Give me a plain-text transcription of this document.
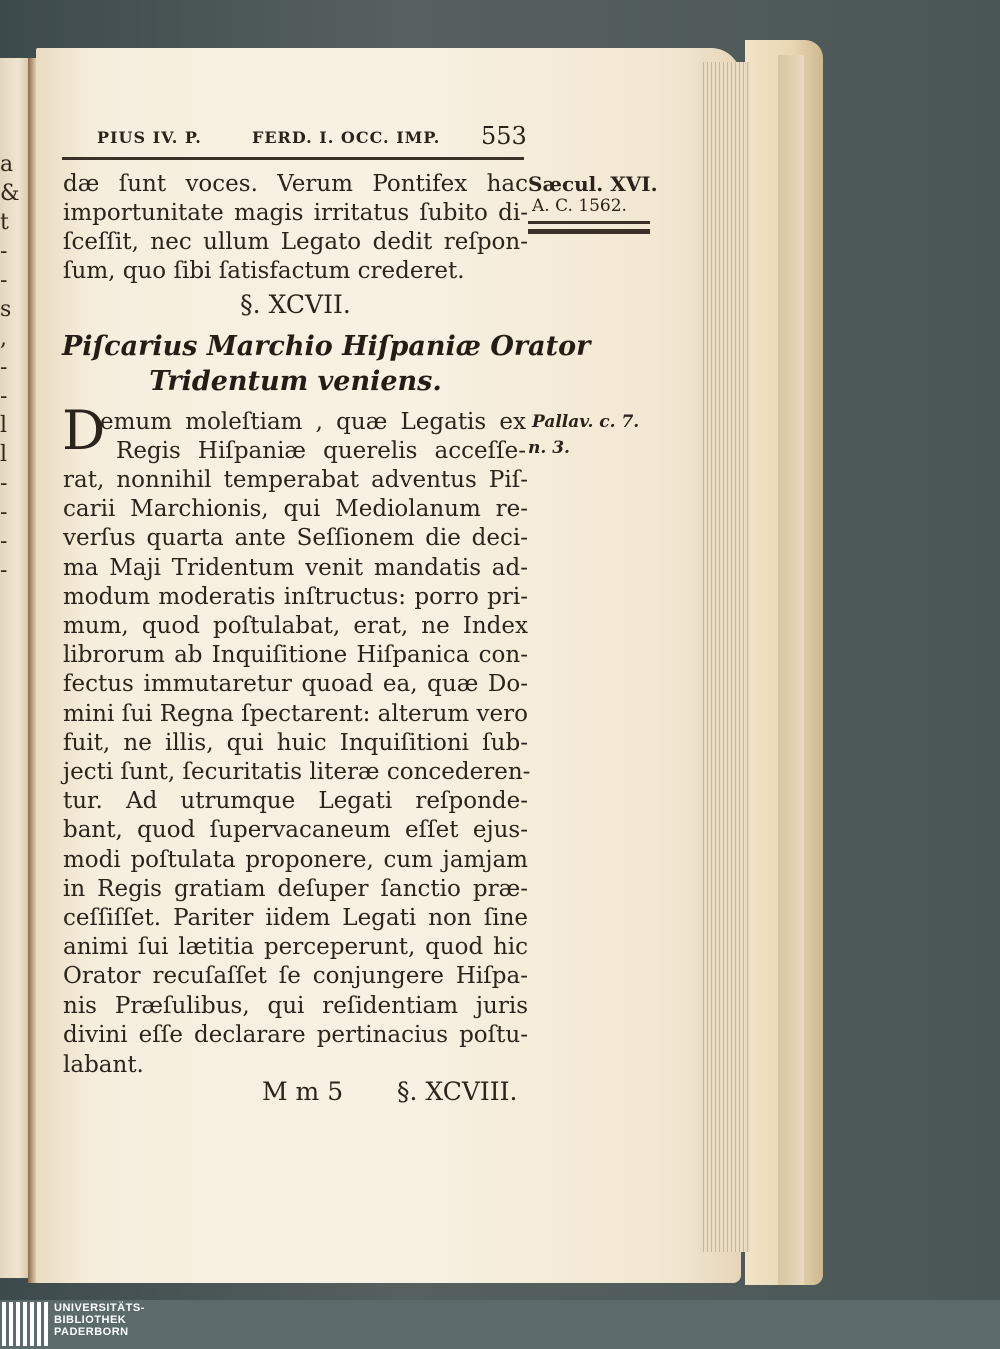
a
&
t
-
-
s
,
-
-
l
l
-
-
-
-
PIUS IV. P.	FERD. I. OCC. IMP. 553
Sæcul. XVI.
A. C. 1562.
Pallav. c. 7.
n. 3.
dæ ſunt voces. Verum Pontifex hac
importunitate magis irritatus ſubito di-
ſceſſit, nec ullum Legato dedit reſpon-
ſum, quo ſibi ſatisfactum crederet.
§. XCVII.
Piſcarius Marchio Hiſpaniæ Orator
Tridentum veniens.
D
emum moleſtiam , quæ Legatis ex
Regis Hiſpaniæ querelis acceſſe-
rat, nonnihil temperabat adventus Piſ-
carii Marchionis, qui Mediolanum re-
verſus quarta ante Seſſionem die deci-
ma Maji Tridentum venit mandatis ad-
modum moderatis inſtructus: porro pri-
mum, quod poſtulabat, erat, ne Index
librorum ab Inquiſitione Hiſpanica con-
fectus immutaretur quoad ea, quæ Do-
mini ſui Regna ſpectarent: alterum vero
fuit, ne illis, qui huic Inquiſitioni ſub-
jecti ſunt, ſecuritatis literæ concederen-
tur. Ad utrumque Legati reſponde-
bant, quod ſupervacaneum eſſet ejus-
modi poſtulata proponere, cum jamjam
in Regis gratiam deſuper ſanctio præ-
ceſſiſſet. Pariter iidem Legati non ſine
animi ſui lætitia perceperunt, quod hic
Orator recuſaſſet ſe conjungere Hiſpa-
nis Præſulibus, qui reſidentiam juris
divini eſſe declarare pertinacius poſtu-
labant.
M m 5 §. XCVIII.
UNIVERSITÄTS-
BIBLIOTHEK
PADERBORN
